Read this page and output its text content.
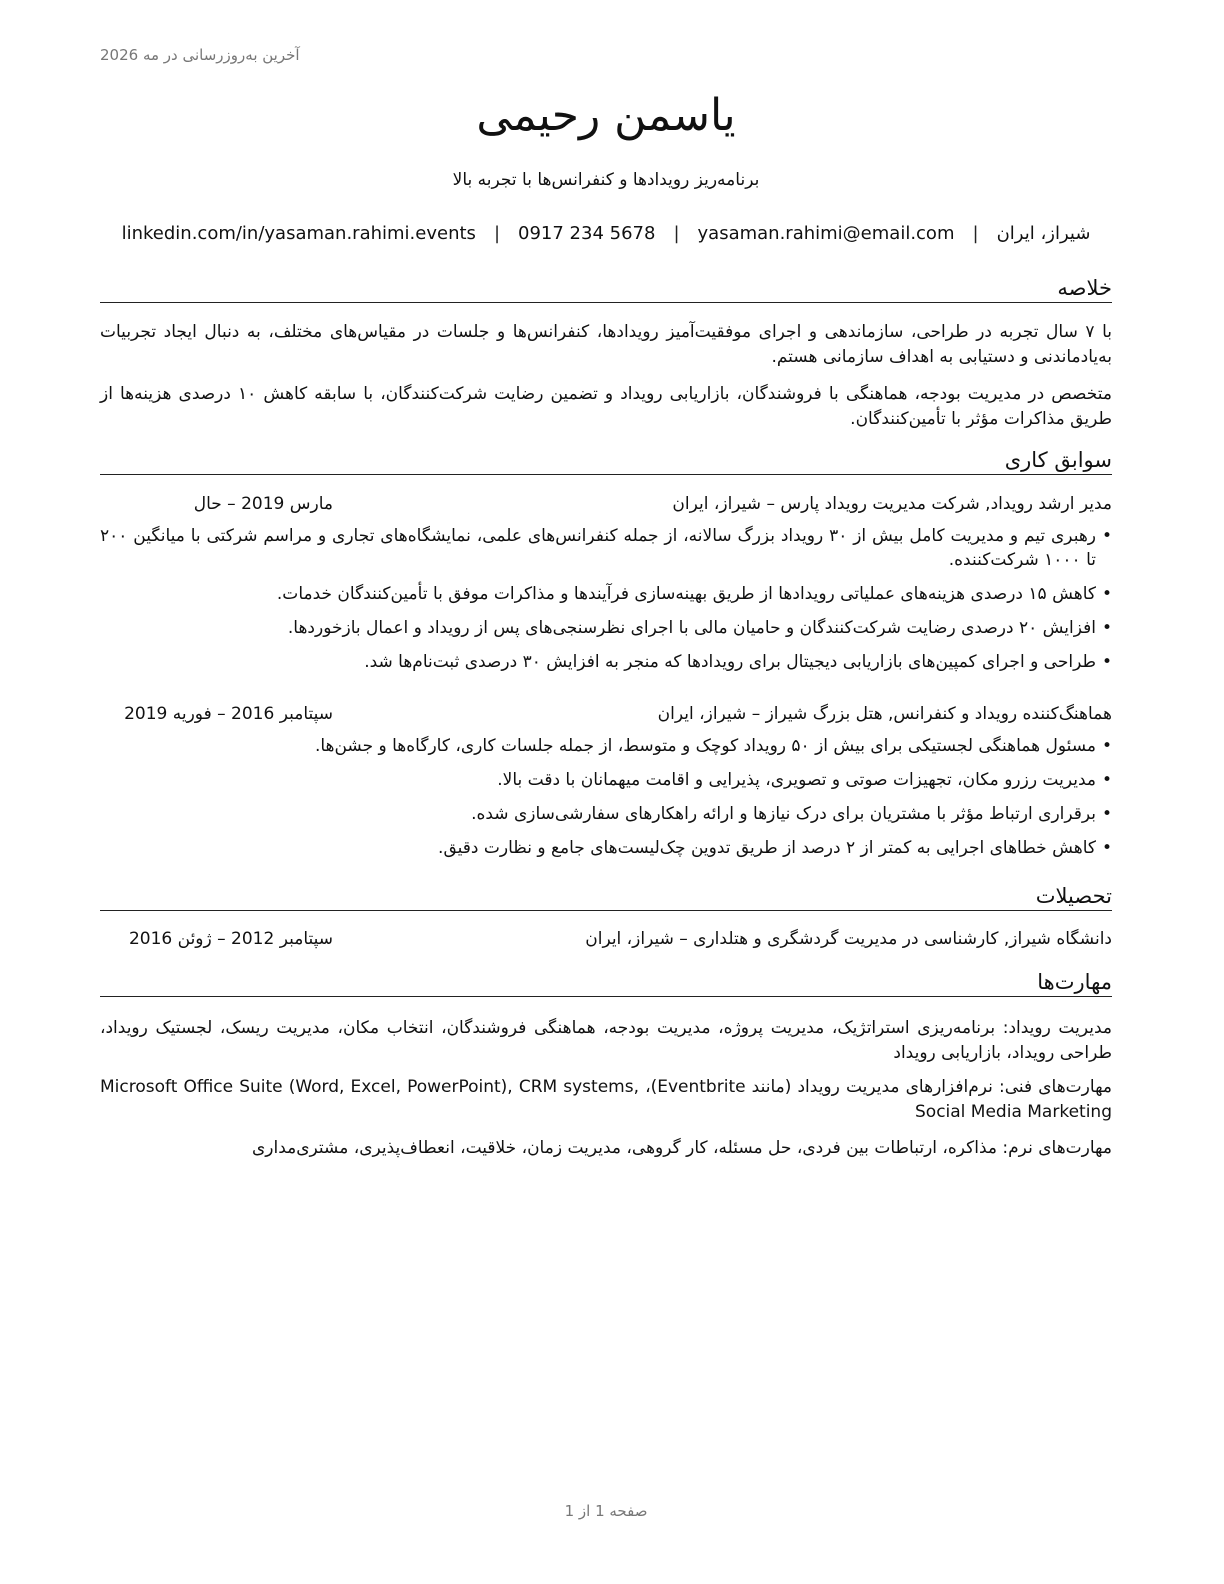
آخرین به‌روزرسانی در مه 2026
یاسمن رحیمی
برنامه‌ریز رویدادها و کنفرانس‌ها با تجربه بالا
شیراز، ایران
|
yasaman.rahimi@email.com
|
0917 234 5678
|
linkedin.com/in/yasaman.rahimi.events
خلاصه
با ۷ سال تجربه در طراحی، سازماندهی و اجرای موفقیت‌آمیز رویدادها، کنفرانس‌ها و جلسات در مقیاس‌های مختلف، به دنبال ایجاد تجربیات به‌یادماندنی و دستیابی به اهداف سازمانی هستم.
متخصص در مدیریت بودجه، هماهنگی با فروشندگان، بازاریابی رویداد و تضمین رضایت شرکت‌کنندگان، با سابقه کاهش ۱۰ درصدی هزینه‌ها از طریق مذاکرات مؤثر با تأمین‌کنندگان.
سوابق کاری
مدیر ارشد رویداد, شرکت مدیریت رویداد پارس – شیراز، ایران
مارس 2019 – حال
• رهبری تیم و مدیریت کامل بیش از ۳۰ رویداد بزرگ سالانه، از جمله کنفرانس‌های علمی، نمایشگاه‌های تجاری و مراسم شرکتی با میانگین ۲۰۰ تا ۱۰۰۰ شرکت‌کننده.
• کاهش ۱۵ درصدی هزینه‌های عملیاتی رویدادها از طریق بهینه‌سازی فرآیندها و مذاکرات موفق با تأمین‌کنندگان خدمات.
• افزایش ۲۰ درصدی رضایت شرکت‌کنندگان و حامیان مالی با اجرای نظرسنجی‌های پس از رویداد و اعمال بازخوردها.
• طراحی و اجرای کمپین‌های بازاریابی دیجیتال برای رویدادها که منجر به افزایش ۳۰ درصدی ثبت‌نام‌ها شد.
هماهنگ‌کننده رویداد و کنفرانس, هتل بزرگ شیراز – شیراز، ایران
سپتامبر 2016 – فوریه 2019
• مسئول هماهنگی لجستیکی برای بیش از ۵۰ رویداد کوچک و متوسط، از جمله جلسات کاری، کارگاه‌ها و جشن‌ها.
• مدیریت رزرو مکان، تجهیزات صوتی و تصویری، پذیرایی و اقامت میهمانان با دقت بالا.
• برقراری ارتباط مؤثر با مشتریان برای درک نیازها و ارائه راهکارهای سفارشی‌سازی شده.
• کاهش خطاهای اجرایی به کمتر از ۲ درصد از طریق تدوین چک‌لیست‌های جامع و نظارت دقیق.
تحصیلات
دانشگاه شیراز, کارشناسی در مدیریت گردشگری و هتلداری – شیراز، ایران
سپتامبر 2012 – ژوئن 2016
مهارت‌ها
مدیریت رویداد: برنامه‌ریزی استراتژیک، مدیریت پروژه، مدیریت بودجه، هماهنگی فروشندگان، انتخاب مکان، مدیریت ریسک، لجستیک رویداد، طراحی رویداد، بازاریابی رویداد
مهارت‌های فنی: نرم‌افزارهای مدیریت رویداد (مانند Eventbrite)، Microsoft Office Suite (Word, Excel, PowerPoint), CRM systems, Social Media Marketing
مهارت‌های نرم: مذاکره، ارتباطات بین فردی، حل مسئله، کار گروهی، مدیریت زمان، خلاقیت، انعطاف‌پذیری، مشتری‌مداری
صفحه 1 از 1
